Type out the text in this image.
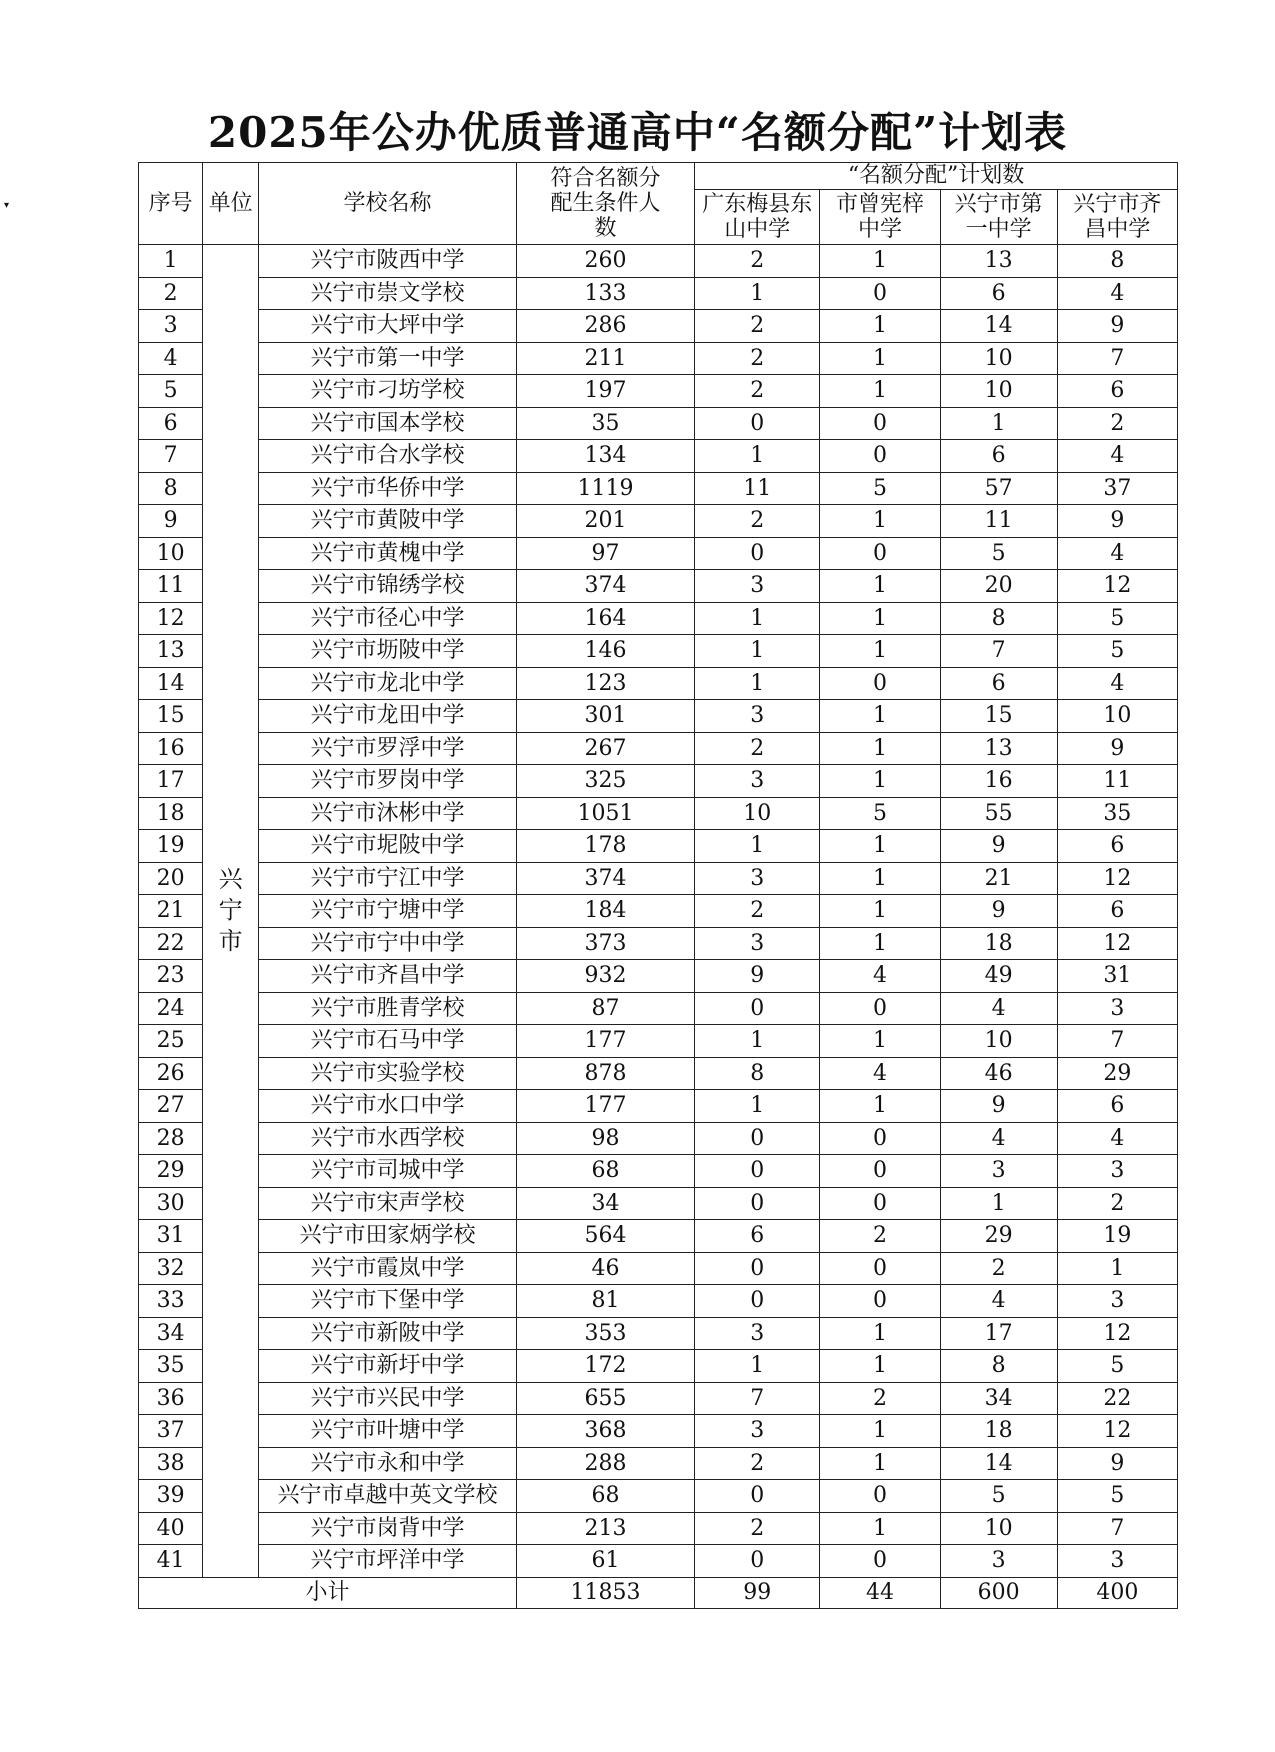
▾
2025年公办优质普通高中“名额分配”计划表
序号	单位	学校名称	符合名额分配生条件人数	“名额分配”计划数			

				广东梅县东山中学	市曾宪梓中学	兴宁市第一中学	兴宁市齐昌中学

1	兴宁市	兴宁市陂西中学	260	2	1	13	8
2		兴宁市崇文学校	133	1	0	6	4
3		兴宁市大坪中学	286	2	1	14	9
4		兴宁市第一中学	211	2	1	10	7
5		兴宁市刁坊学校	197	2	1	10	6
6		兴宁市国本学校	35	0	0	1	2
7		兴宁市合水学校	134	1	0	6	4
8		兴宁市华侨中学	1119	11	5	57	37
9		兴宁市黄陂中学	201	2	1	11	9
10		兴宁市黄槐中学	97	0	0	5	4
11		兴宁市锦绣学校	374	3	1	20	12
12		兴宁市径心中学	164	1	1	8	5
13		兴宁市坜陂中学	146	1	1	7	5
14		兴宁市龙北中学	123	1	0	6	4
15		兴宁市龙田中学	301	3	1	15	10
16		兴宁市罗浮中学	267	2	1	13	9
17		兴宁市罗岗中学	325	3	1	16	11
18		兴宁市沐彬中学	1051	10	5	55	35
19		兴宁市坭陂中学	178	1	1	9	6
20		兴宁市宁江中学	374	3	1	21	12
21		兴宁市宁塘中学	184	2	1	9	6
22		兴宁市宁中中学	373	3	1	18	12
23		兴宁市齐昌中学	932	9	4	49	31
24		兴宁市胜青学校	87	0	0	4	3
25		兴宁市石马中学	177	1	1	10	7
26		兴宁市实验学校	878	8	4	46	29
27		兴宁市水口中学	177	1	1	9	6
28		兴宁市水西学校	98	0	0	4	4
29		兴宁市司城中学	68	0	0	3	3
30		兴宁市宋声学校	34	0	0	1	2
31		兴宁市田家炳学校	564	6	2	29	19
32		兴宁市霞岚中学	46	0	0	2	1
33		兴宁市下堡中学	81	0	0	4	3
34		兴宁市新陂中学	353	3	1	17	12
35		兴宁市新圩中学	172	1	1	8	5
36		兴宁市兴民中学	655	7	2	34	22
37		兴宁市叶塘中学	368	3	1	18	12
38		兴宁市永和中学	288	2	1	14	9
39		兴宁市卓越中英文学校	68	0	0	5	5
40		兴宁市岗背中学	213	2	1	10	7
41		兴宁市坪洋中学	61	0	0	3	3
小计			11853	99	44	600	400
